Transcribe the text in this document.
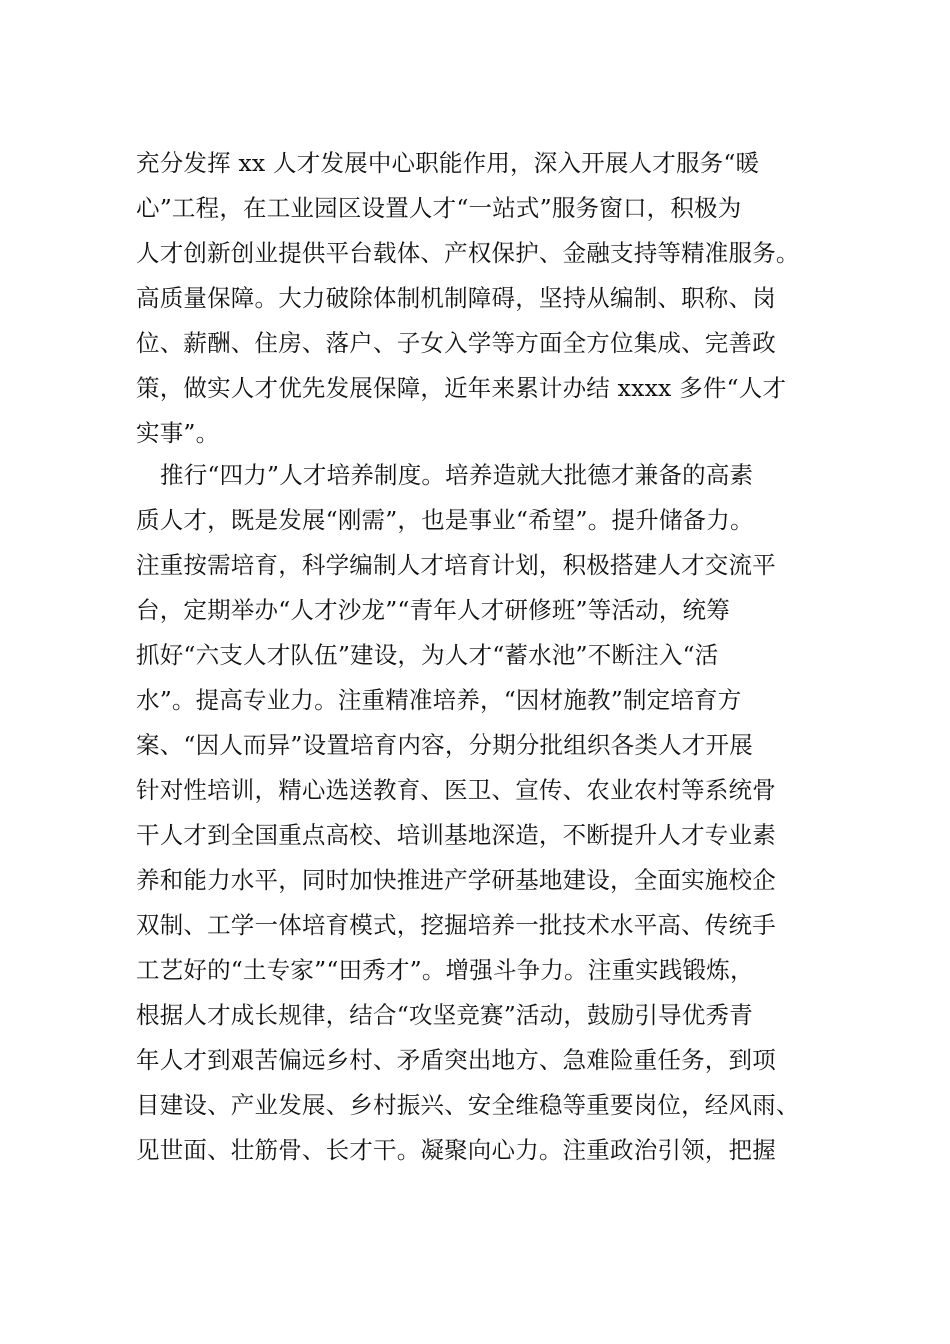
充分发挥 xx 人才发展中心职能作用，深入开展人才服务“暖
心”工程，在工业园区设置人才“一站式”服务窗口，积极为
人才创新创业提供平台载体、产权保护、金融支持等精准服务。
高质量保障。大力破除体制机制障碍，坚持从编制、职称、岗
位、薪酬、住房、落户、子女入学等方面全方位集成、完善政
策，做实人才优先发展保障，近年来累计办结 xxxx 多件“人才
实事”。
推行“四力”人才培养制度。培养造就大批德才兼备的高素
质人才，既是发展“刚需”，也是事业“希望”。提升储备力。
注重按需培育，科学编制人才培育计划，积极搭建人才交流平
台，定期举办“人才沙龙”“青年人才研修班”等活动，统筹
抓好“六支人才队伍”建设，为人才“蓄水池”不断注入“活
水”。提高专业力。注重精准培养，“因材施教”制定培育方
案、“因人而异”设置培育内容，分期分批组织各类人才开展
针对性培训，精心选送教育、医卫、宣传、农业农村等系统骨
干人才到全国重点高校、培训基地深造，不断提升人才专业素
养和能力水平，同时加快推进产学研基地建设，全面实施校企
双制、工学一体培育模式，挖掘培养一批技术水平高、传统手
工艺好的“土专家”“田秀才”。增强斗争力。注重实践锻炼，
根据人才成长规律，结合“攻坚竞赛”活动，鼓励引导优秀青
年人才到艰苦偏远乡村、矛盾突出地方、急难险重任务，到项
目建设、产业发展、乡村振兴、安全维稳等重要岗位，经风雨、
见世面、壮筋骨、长才干。凝聚向心力。注重政治引领，把握
